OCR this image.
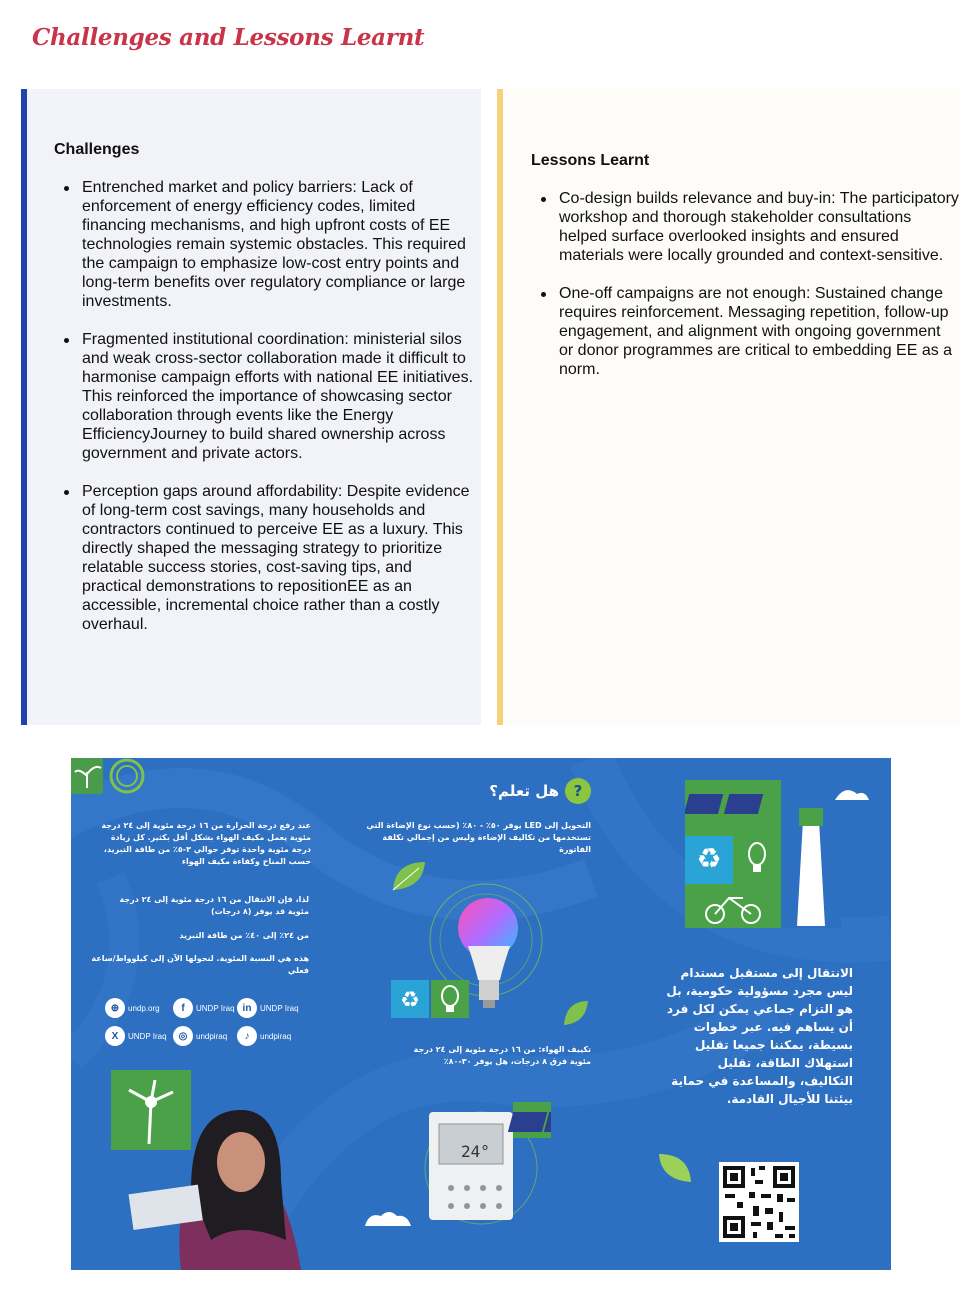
Challenges and Lessons Learnt
Challenges
Entrenched market and policy barriers: Lack of enforcement of energy efficiency codes, limited financing mechanisms, and high upfront costs of EE technologies remain systemic obstacles. This required the campaign to emphasize low-cost entry points and long-term benefits over regulatory compliance or large investments.
Fragmented institutional coordination: ministerial silos and weak cross-sector collaboration made it difficult to harmonise campaign efforts with national EE initiatives. This reinforced the importance of showcasing sector collaboration through events like the Energy EfficiencyJourney to build shared ownership across government and private actors.
Perception gaps around affordability: Despite evidence of long-term cost savings, many households and contractors continued to perceive EE as a luxury. This directly shaped the messaging strategy to prioritize relatable success stories, cost-saving tips, and practical demonstrations to repositionEE as an accessible, incremental choice rather than a costly overhaul.
Lessons Learnt
Co-design builds relevance and buy-in: The participatory workshop and thorough stakeholder consultations helped surface overlooked insights and ensured materials were locally grounded and context-sensitive.
One-off campaigns are not enough: Sustained change requires reinforcement. Messaging repetition, follow-up engagement, and alignment with ongoing government or donor programmes are critical to embedding EE as a norm.
?هل تعلم؟
التحويل إلى LED يوفر ٥٠٪ - ٨٠٪ (حسب نوع الإضاءة التي تستخدمها من تكاليف الإضاءة وليس من إجمالي تكلفة الفاتورة
عند رفع درجة الحرارة من ١٦ درجة مئوية إلى ٢٤ درجة مئوية يعمل مكيف الهواء بشكل أقل بكثير. كل زيادة درجة مئوية واحدة توفر حوالي ٣-٥٪ من طاقة التبريد، حسب المناخ وكفاءة مكيف الهواء
لذا، فإن الانتقال من ١٦ درجة مئوية إلى ٢٤ درجة مئوية قد يوفر (٨ درجات)
من ٢٤٪ إلى ٤٠٪ من طاقة التبريد
هذه هي النسبة المئوية. لنحولها الآن إلى كيلوواط/ساعة فعلي
تكييف الهواء: من ١٦ درجة مئوية إلى ٢٤ درجة مئوية فرق ٨ درجات، هل يوفر ٣٠-٨٠٪
⊕	undp.org	f	UNDP Iraq in	UNDP Iraq
X	UNDP Iraq	◎	undpiraq	♪	undpiraq
♻
♻
الانتقال إلى مستقبل مستدام ليس مجرد مسؤولية حكومية، بل هو التزام جماعي يمكن لكل فرد أن يساهم فيه. عبر خطوات بسيطة، يمكننا جميعا تقليل استهلاك الطاقة، تقليل التكاليف، والمساعدة في حماية بيئتنا للأجيال القادمة.
24°
